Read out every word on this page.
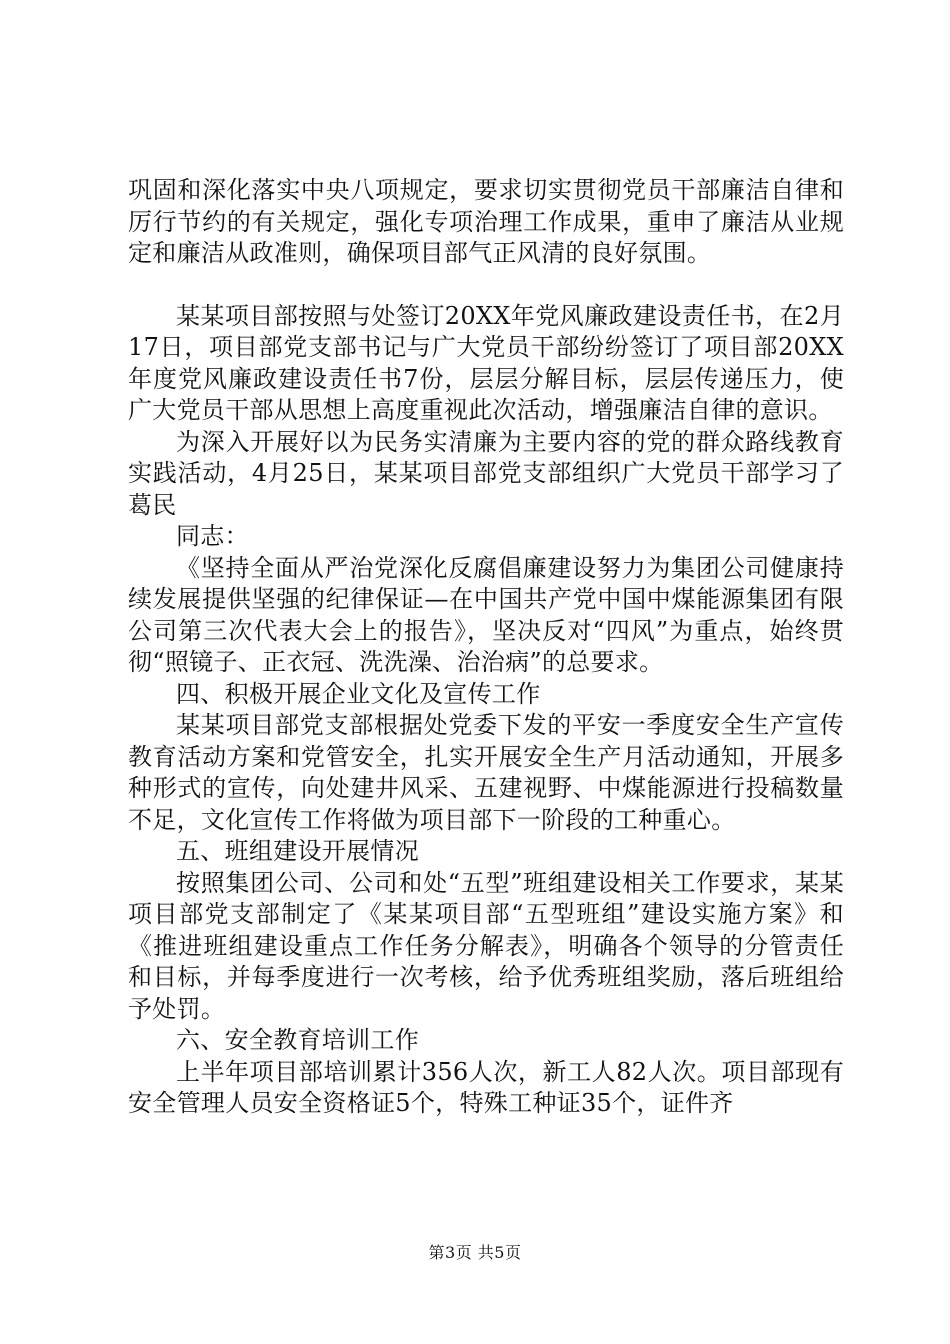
巩固和深化落实中央八项规定，要求切实贯彻党员干部廉洁自律和厉行节约的有关规定，强化专项治理工作成果，重申了廉洁从业规定和廉洁从政准则，确保项目部气正风清的良好氛围。

某某项目部按照与处签订20XX年党风廉政建设责任书，在2月17日，项目部党支部书记与广大党员干部纷纷签订了项目部20XX年度党风廉政建设责任书7份，层层分解目标，层层传递压力，使广大党员干部从思想上高度重视此次活动，增强廉洁自律的意识。

为深入开展好以为民务实清廉为主要内容的党的群众路线教育实践活动，4月25日，某某项目部党支部组织广大党员干部学习了葛民

同志：

《坚持全面从严治党深化反腐倡廉建设努力为集团公司健康持续发展提供坚强的纪律保证—在中国共产党中国中煤能源集团有限公司第三次代表大会上的报告》，坚决反对“四风”为重点，始终贯彻“照镜子、正衣冠、洗洗澡、治治病”的总要求。

四、积极开展企业文化及宣传工作

某某项目部党支部根据处党委下发的平安一季度安全生产宣传教育活动方案和党管安全，扎实开展安全生产月活动通知，开展多种形式的宣传，向处建井风采、五建视野、中煤能源进行投稿数量不足，文化宣传工作将做为项目部下一阶段的工种重心。

五、班组建设开展情况

按照集团公司、公司和处“五型”班组建设相关工作要求，某某项目部党支部制定了《某某项目部“五型班组”建设实施方案》和《推进班组建设重点工作任务分解表》，明确各个领导的分管责任和目标，并每季度进行一次考核，给予优秀班组奖励，落后班组给予处罚。

六、安全教育培训工作

上半年项目部培训累计356人次，新工人82人次。项目部现有安全管理人员安全资格证5个，特殊工种证35个，证件齐

第3页 共5页
